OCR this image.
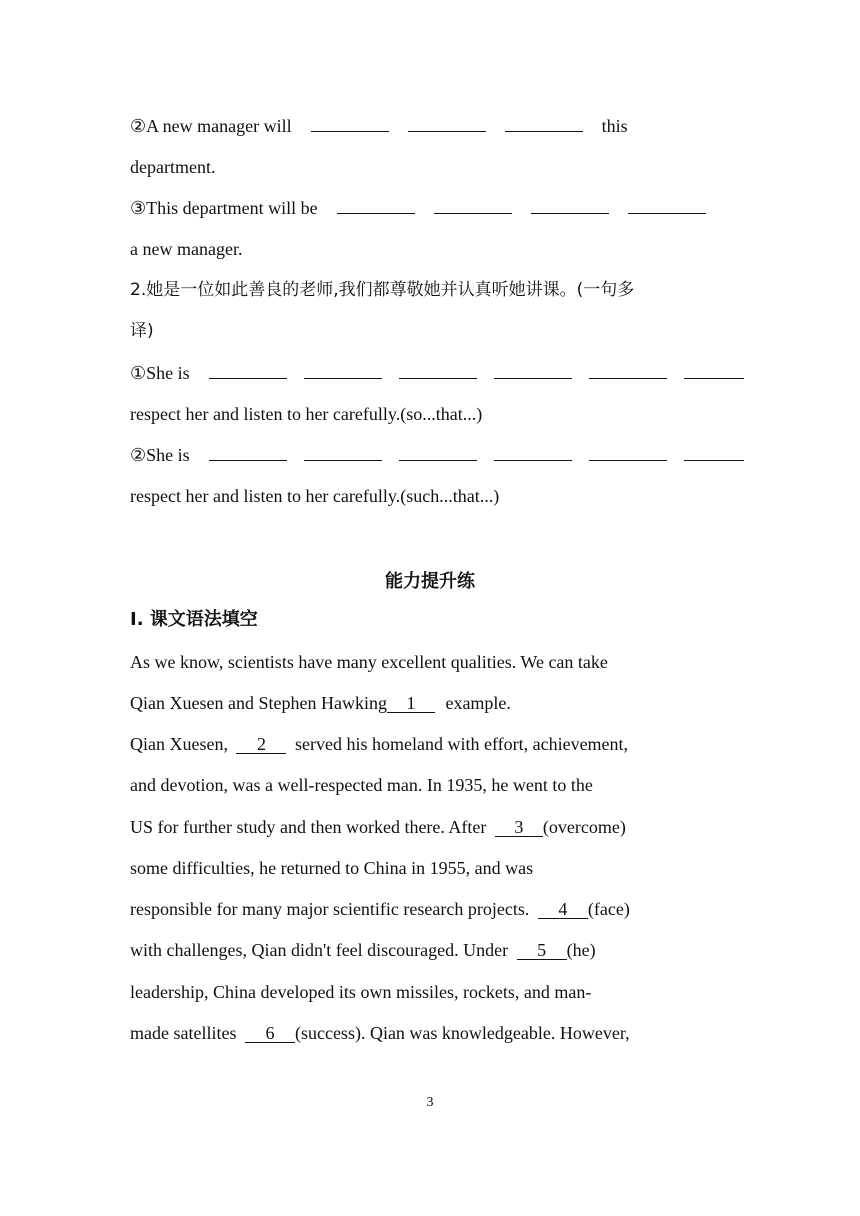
②A new manager will	this
department.
③This department will be
a new manager.
2.她是一位如此善良的老师,我们都尊敬她并认真听她讲课。(一句多
译)
①She is
respect her and listen to her carefully.(so...that...)
②She is
respect her and listen to her carefully.(such...that...)
能力提升练
Ⅰ. 课文语法填空
As we know, scientists have many excellent qualities. We can take
Qian Xuesen and Stephen Hawking 1 example.
Qian Xuesen, 2 served his homeland with effort, achievement,
and devotion, was a well-respected man. In 1935, he went to the
US for further study and then worked there. After 3 (overcome)
some difficulties, he returned to China in 1955, and was
responsible for many major scientific research projects. 4 (face)
with challenges, Qian didn't feel discouraged. Under 5 (he)
leadership, China developed its own missiles, rockets, and man-
made satellites 6 (success). Qian was knowledgeable. However,
3
